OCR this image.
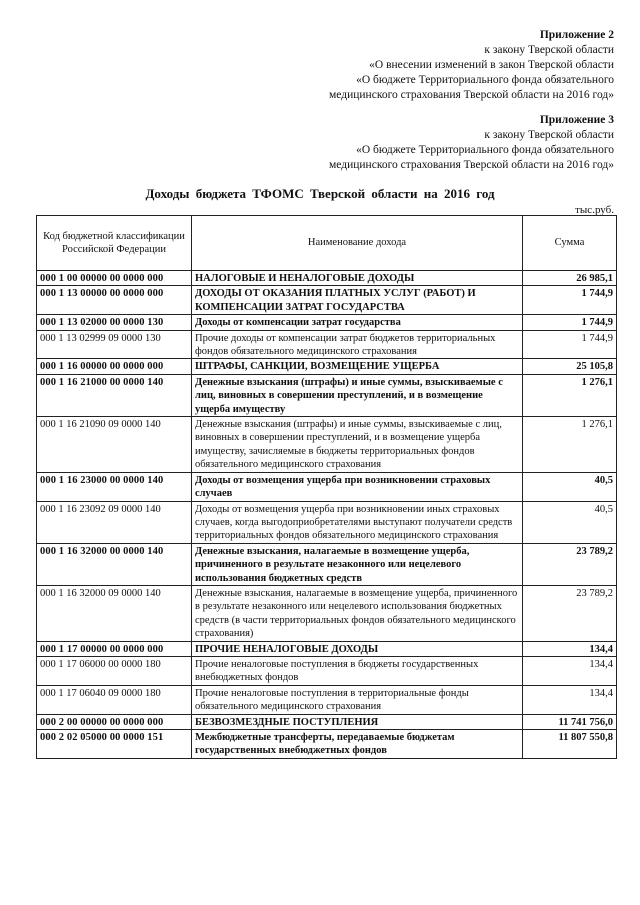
Приложение 2
к закону Тверской области
«О внесении изменений в закон Тверской области
«О бюджете Территориального фонда обязательного
медицинского страхования Тверской области на 2016 год»
Приложение 3
к закону Тверской области
«О бюджете Территориального фонда обязательного
медицинского страхования Тверской области на 2016 год»
Доходы бюджета ТФОМС Тверской области на 2016 год
тыс.руб.
Код бюджетной классификации Российской Федерации	Наименование дохода	Сумма
000 1 00 00000 00 0000 000	НАЛОГОВЫЕ И НЕНАЛОГОВЫЕ ДОХОДЫ	26 985,1
000 1 13 00000 00 0000 000	ДОХОДЫ ОТ ОКАЗАНИЯ ПЛАТНЫХ УСЛУГ (РАБОТ) И КОМПЕНСАЦИИ ЗАТРАТ ГОСУДАРСТВА	1 744,9
000 1 13 02000 00 0000 130	Доходы от компенсации затрат государства	1 744,9
000 1 13 02999 09 0000 130	Прочие доходы от компенсации затрат бюджетов территориальных фондов обязательного медицинского страхования	1 744,9
000 1 16 00000 00 0000 000	ШТРАФЫ, САНКЦИИ, ВОЗМЕЩЕНИЕ УЩЕРБА	25 105,8
000 1 16 21000 00 0000 140	Денежные взыскания (штрафы) и иные суммы, взыскиваемые с лиц, виновных в совершении преступлений, и в возмещение ущерба имуществу	1 276,1
000 1 16 21090 09 0000 140	Денежные взыскания (штрафы) и иные суммы, взыскиваемые с лиц, виновных в совершении преступлений, и в возмещение ущерба имуществу, зачисляемые в бюджеты территориальных фондов обязательного медицинского страхования	1 276,1
000 1 16 23000 00 0000 140	Доходы от возмещения ущерба при возникновении страховых случаев	40,5
000 1 16 23092 09 0000 140	Доходы от возмещения ущерба при возникновении иных страховых случаев, когда выгодоприобретателями выступают получатели средств территориальных фондов обязательного медицинского страхования	40,5
000 1 16 32000 00 0000 140	Денежные взыскания, налагаемые в возмещение ущерба, причиненного в результате незаконного или нецелевого использования бюджетных средств	23 789,2
000 1 16 32000 09 0000 140	Денежные взыскания, налагаемые в возмещение ущерба, причиненного в результате незаконного или нецелевого использования бюджетных средств (в части территориальных фондов обязательного медицинского страхования)	23 789,2
000 1 17 00000 00 0000 000	ПРОЧИЕ НЕНАЛОГОВЫЕ ДОХОДЫ	134,4
000 1 17 06000 00 0000 180	Прочие неналоговые поступления в бюджеты государственных внебюджетных фондов	134,4
000 1 17 06040 09 0000 180	Прочие неналоговые поступления в территориальные фонды обязательного медицинского страхования	134,4
000 2 00 00000 00 0000 000	БЕЗВОЗМЕЗДНЫЕ ПОСТУПЛЕНИЯ	11 741 756,0
000 2 02 05000 00 0000 151	Межбюджетные трансферты, передаваемые бюджетам государственных внебюджетных фондов	11 807 550,8
